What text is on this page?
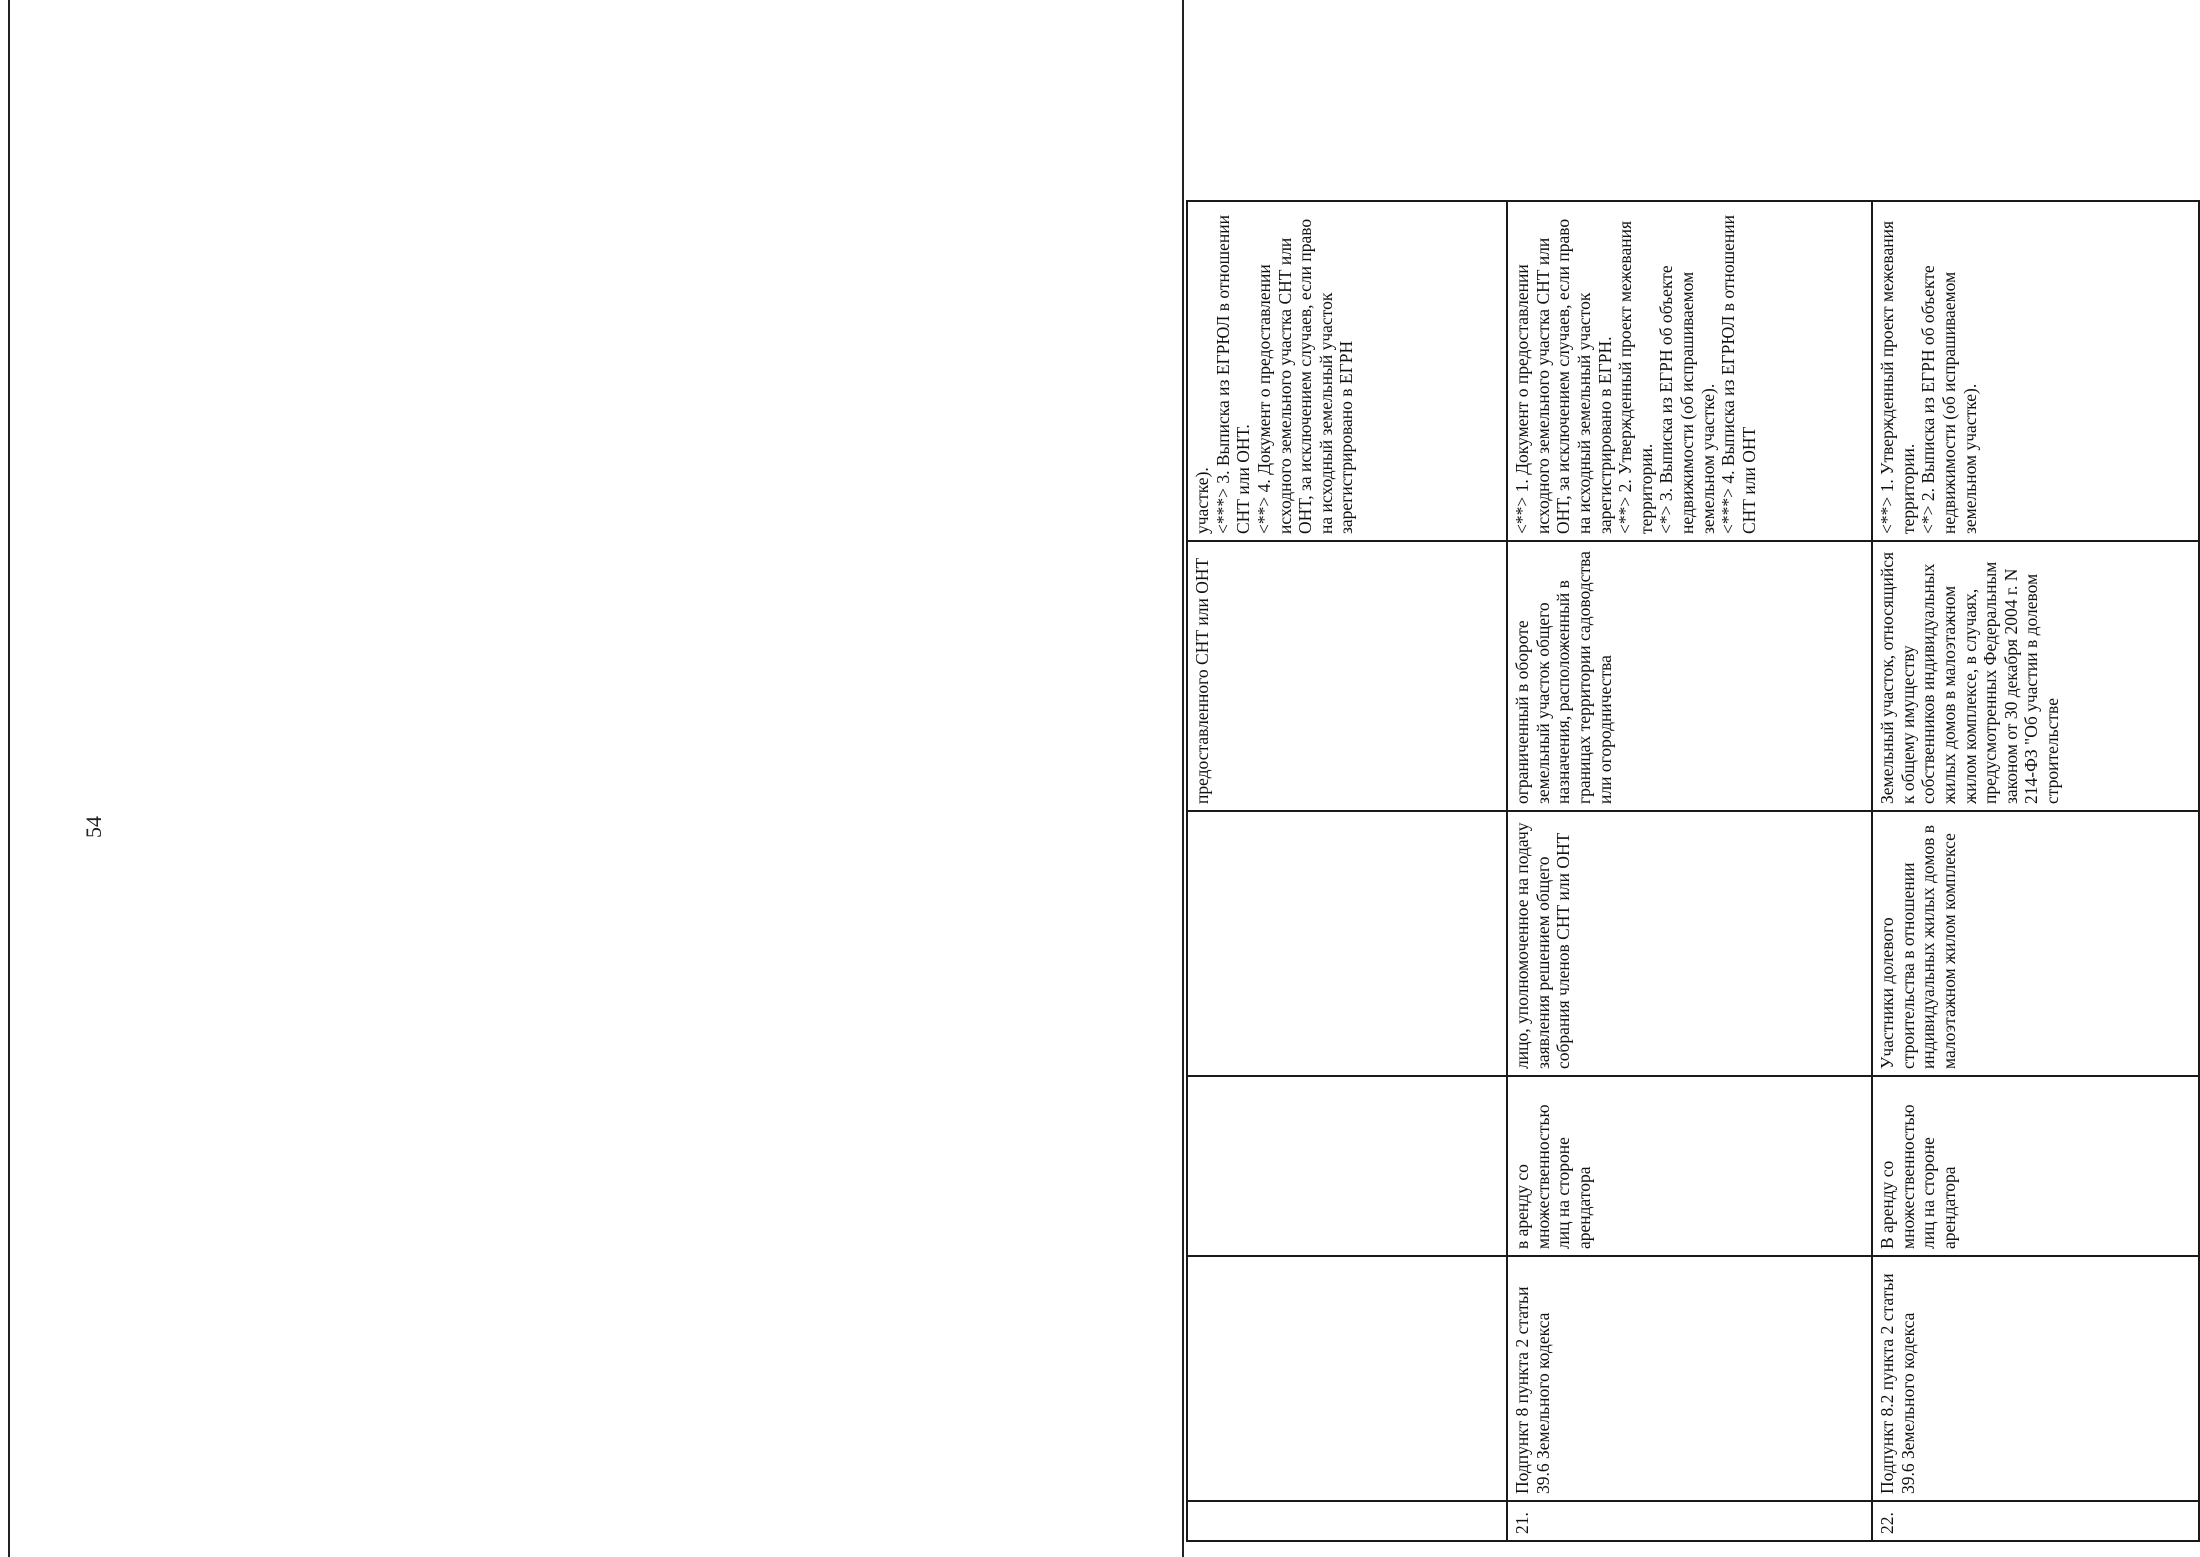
54
				предоставленного СНТ или ОНТ	участке).
<***> 3. Выписка из ЕГРЮЛ в отношении СНТ или ОНТ.
<**> 4. Документ о предоставлении исходного земельного участка СНТ или ОНТ, за исключением случаев, если право на исходный земельный участок зарегистрировано в ЕГРН
21.	Подпункт 8 пункта 2 статьи 39.6 Земельного кодекса	в аренду со множественностью лиц на стороне арендатора	лицо, уполномоченное на подачу заявления решением общего собрания членов СНТ или ОНТ	ограниченный в обороте земельный участок общего назначения, расположенный в границах территории садоводства или огородничества	<**> 1. Документ о предоставлении исходного земельного участка СНТ или ОНТ, за исключением случаев, если право на исходный земельный участок зарегистрировано в ЕГРН.
<**> 2. Утвержденный проект межевания территории.
<*> 3. Выписка из ЕГРН об объекте недвижимости (об испрашиваемом земельном участке).
<***> 4. Выписка из ЕГРЮЛ в отношении СНТ или ОНТ
22.	Подпункт 8.2 пункта 2 статьи 39.6 Земельного кодекса	В аренду со множественностью лиц на стороне арендатора	Участники долевого строительства в отношении индивидуальных жилых домов в малоэтажном жилом комплексе	Земельный участок, относящийся к общему имуществу собственников индивидуальных жилых домов в малоэтажном жилом комплексе, в случаях, предусмотренных Федеральным законом от 30 декабря 2004 г. N 214-ФЗ "Об участии в долевом строительстве	<**> 1. Утвержденный проект межевания территории.
<*> 2. Выписка из ЕГРН об объекте недвижимости (об испрашиваемом земельном участке).
